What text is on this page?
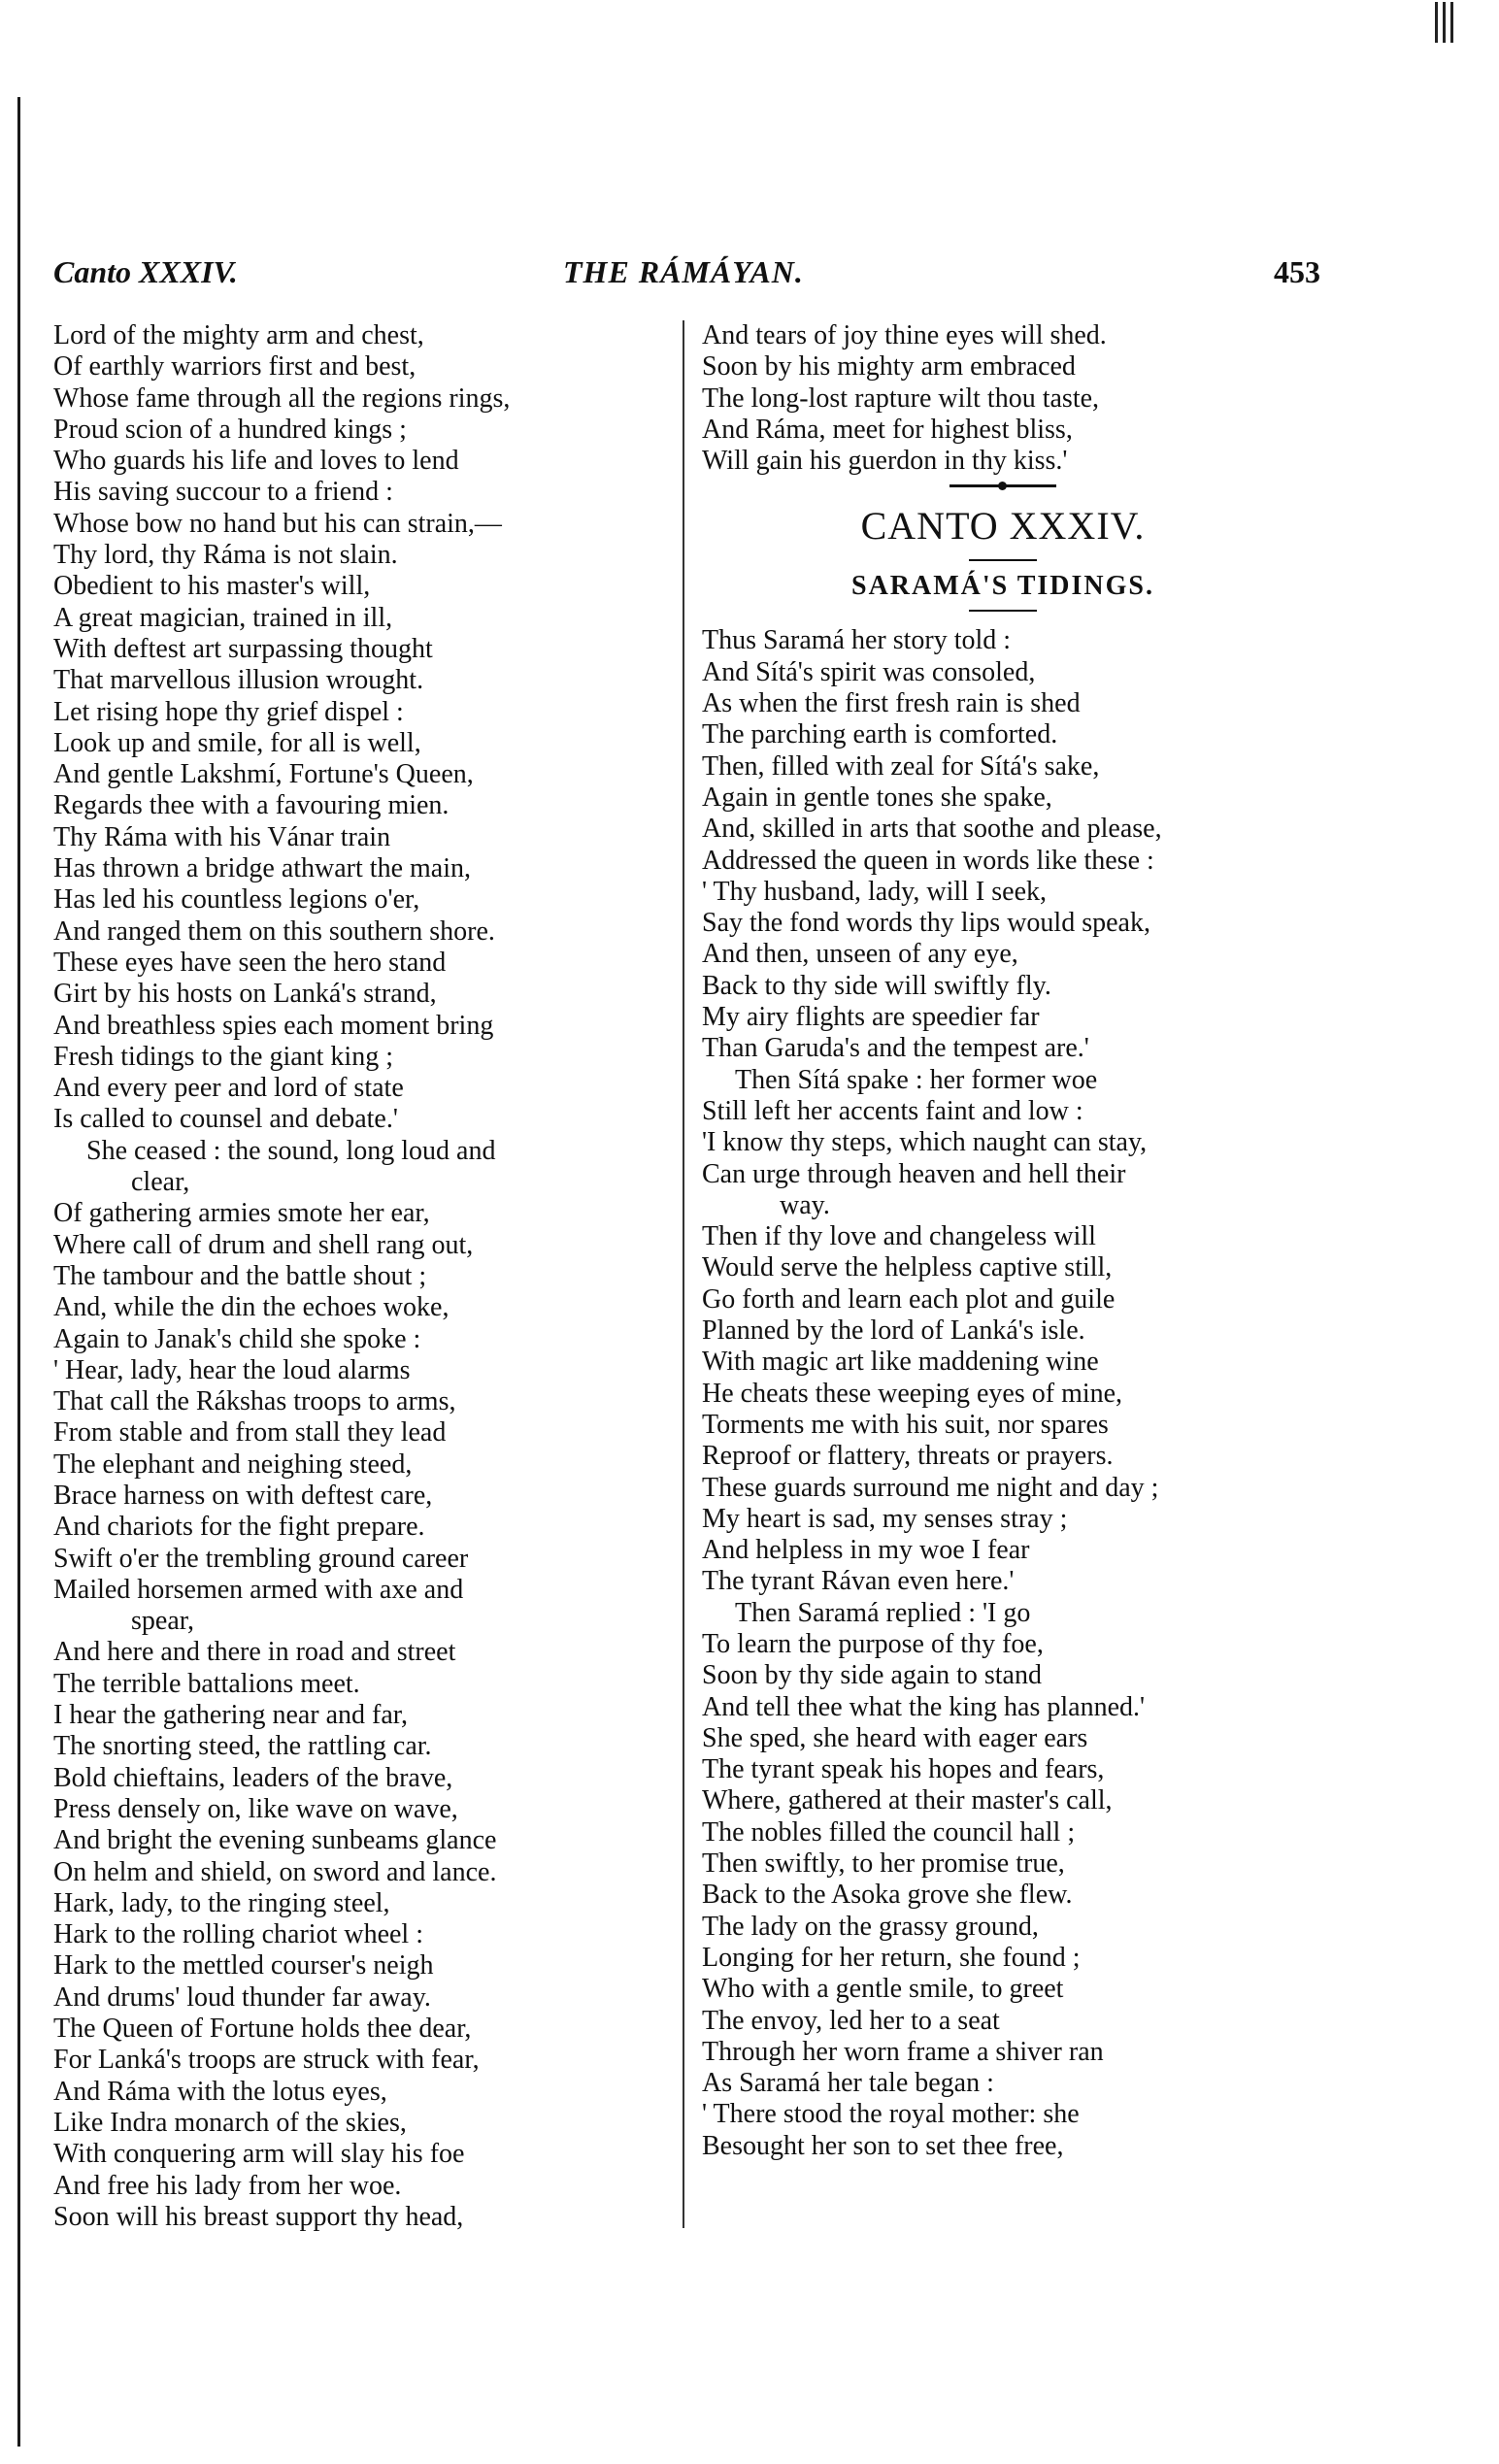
Canto XXXIV.	THE RÁMÁYAN.	453
Lord of the mighty arm and chest,
Of earthly warriors first and best,
Whose fame through all the regions rings,
Proud scion of a hundred kings ;
Who guards his life and loves to lend
His saving succour to a friend :
Whose bow no hand but his can strain,—
Thy lord, thy Ráma is not slain.
Obedient to his master's will,
A great magician, trained in ill,
With deftest art surpassing thought
That marvellous illusion wrought.
Let rising hope thy grief dispel :
Look up and smile, for all is well,
And gentle Lakshmí, Fortune's Queen,
Regards thee with a favouring mien.
Thy Ráma with his Vánar train
Has thrown a bridge athwart the main,
Has led his countless legions o'er,
And ranged them on this southern shore.
These eyes have seen the hero stand
Girt by his hosts on Lanká's strand,
And breathless spies each moment bring
Fresh tidings to the giant king ;
And every peer and lord of state
Is called to counsel and debate.'
She ceased : the sound, long loud and
clear,
Of gathering armies smote her ear,
Where call of drum and shell rang out,
The tambour and the battle shout ;
And, while the din the echoes woke,
Again to Janak's child she spoke :
' Hear, lady, hear the loud alarms
That call the Rákshas troops to arms,
From stable and from stall they lead
The elephant and neighing steed,
Brace harness on with deftest care,
And chariots for the fight prepare.
Swift o'er the trembling ground career
Mailed horsemen armed with axe and
spear,
And here and there in road and street
The terrible battalions meet.
I hear the gathering near and far,
The snorting steed, the rattling car.
Bold chieftains, leaders of the brave,
Press densely on, like wave on wave,
And bright the evening sunbeams glance
On helm and shield, on sword and lance.
Hark, lady, to the ringing steel,
Hark to the rolling chariot wheel :
Hark to the mettled courser's neigh
And drums' loud thunder far away.
The Queen of Fortune holds thee dear,
For Lanká's troops are struck with fear,
And Ráma with the lotus eyes,
Like Indra monarch of the skies,
With conquering arm will slay his foe
And free his lady from her woe.
Soon will his breast support thy head,
And tears of joy thine eyes will shed.
Soon by his mighty arm embraced
The long-lost rapture wilt thou taste,
And Ráma, meet for highest bliss,
Will gain his guerdon in thy kiss.'
CANTO XXXIV.
SARAMÁ'S TIDINGS.
Thus Saramá her story told :
And Sítá's spirit was consoled,
As when the first fresh rain is shed
The parching earth is comforted.
Then, filled with zeal for Sítá's sake,
Again in gentle tones she spake,
And, skilled in arts that soothe and please,
Addressed the queen in words like these :
' Thy husband, lady, will I seek,
Say the fond words thy lips would speak,
And then, unseen of any eye,
Back to thy side will swiftly fly.
My airy flights are speedier far
Than Garuda's and the tempest are.'
Then Sítá spake : her former woe
Still left her accents faint and low :
'I know thy steps, which naught can stay,
Can urge through heaven and hell their
way.
Then if thy love and changeless will
Would serve the helpless captive still,
Go forth and learn each plot and guile
Planned by the lord of Lanká's isle.
With magic art like maddening wine
He cheats these weeping eyes of mine,
Torments me with his suit, nor spares
Reproof or flattery, threats or prayers.
These guards surround me night and day ;
My heart is sad, my senses stray ;
And helpless in my woe I fear
The tyrant Rávan even here.'
Then Saramá replied : 'I go
To learn the purpose of thy foe,
Soon by thy side again to stand
And tell thee what the king has planned.'
She sped, she heard with eager ears
The tyrant speak his hopes and fears,
Where, gathered at their master's call,
The nobles filled the council hall ;
Then swiftly, to her promise true,
Back to the Asoka grove she flew.
The lady on the grassy ground,
Longing for her return, she found ;
Who with a gentle smile, to greet
The envoy, led her to a seat
Through her worn frame a shiver ran
As Saramá her tale began :
' There stood the royal mother: she
Besought her son to set thee free,
